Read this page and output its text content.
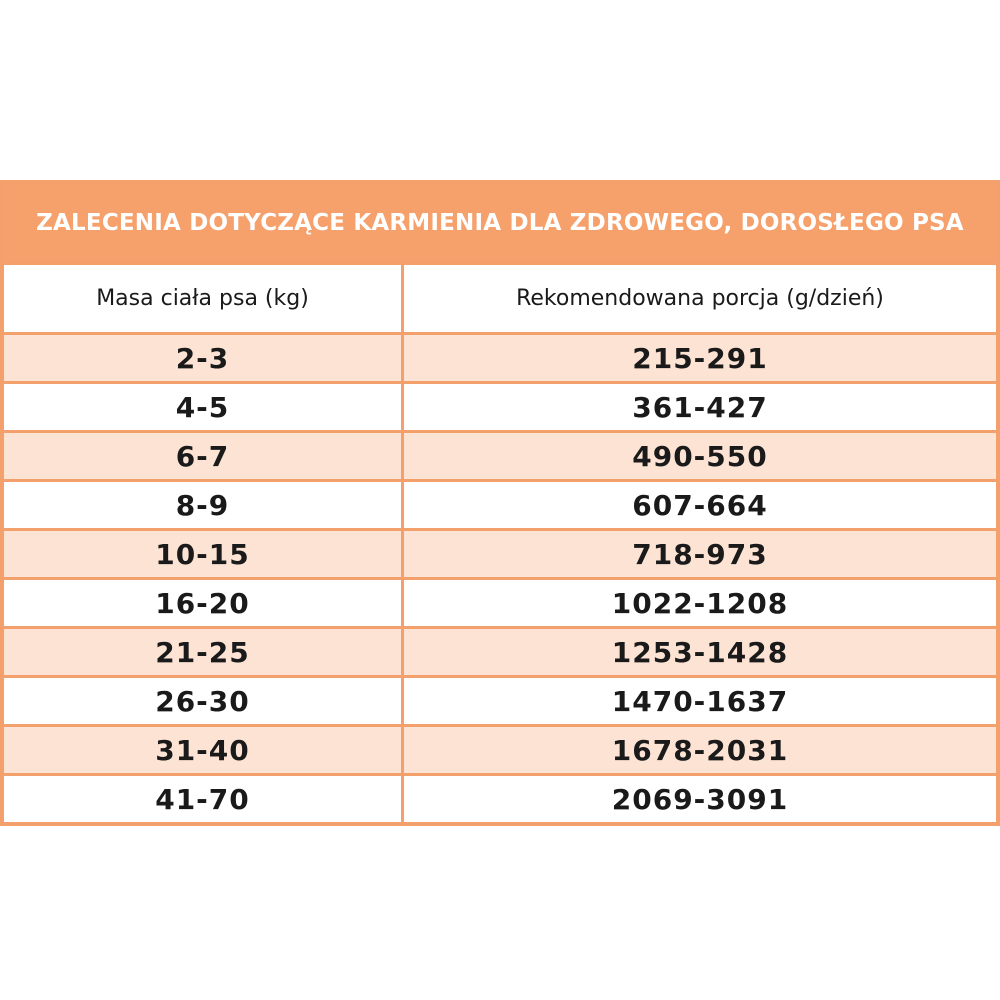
ZALECENIA DOTYCZĄCE KARMIENIA DLA ZDROWEGO, DOROSŁEGO PSA
Masa ciała psa (kg)	Rekomendowana porcja (g/dzień)
2-3	215-291
4-5	361-427
6-7	490-550
8-9	607-664
10-15	718-973
16-20	1022-1208
21-25	1253-1428
26-30	1470-1637
31-40	1678-2031
41-70	2069-3091
